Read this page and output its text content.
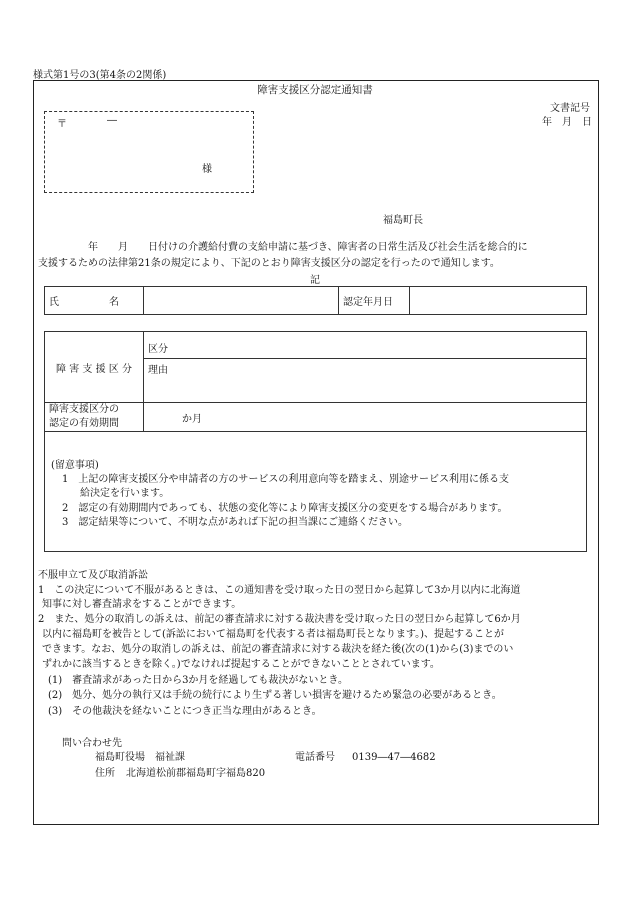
様式第1号の3(第4条の2関係)
障害支援区分認定通知書
文書記号
年　月　日
〒	―
様
福島町長
年　　月　　日付けの介護給付費の支給申請に基づき、障害者の日常生活及び社会生活を総合的に
支援するための法律第21条の規定により、下記のとおり障害支援区分の認定を行ったので通知します。
記
氏　　　　　名		認定年月日	
障 害 支 援 区 分	区分
	理由

障害支援区分の
認定の有効期間	か月
(留意事項)
1　上記の障害支援区分や申請者の方のサービスの利用意向等を踏まえ、別途サービス利用に係る支
給決定を行います。
2　認定の有効期間内であっても、状態の変化等により障害支援区分の変更をする場合があります。
3　認定結果等について、不明な点があれば下記の担当課にご連絡ください。
不服申立て及び取消訴訟
1　この決定について不服があるときは、この通知書を受け取った日の翌日から起算して3か月以内に北海道
知事に対し審査請求をすることができます。
2　また、処分の取消しの訴えは、前記の審査請求に対する裁決書を受け取った日の翌日から起算して6か月
以内に福島町を被告として(訴訟において福島町を代表する者は福島町長となります。)、提起することが
できます。なお、処分の取消しの訴えは、前記の審査請求に対する裁決を経た後(次の(1)から(3)までのい
ずれかに該当するときを除く。)でなければ提起することができないこととされています。
(1)　審査請求があった日から3か月を経過しても裁決がないとき。
(2)　処分、処分の執行又は手続の続行により生ずる著しい損害を避けるため緊急の必要があるとき。
(3)　その他裁決を経ないことにつき正当な理由があるとき。
問い合わせ先
福島町役場　福祉課	電話番号 0139―47―4682
住所 北海道松前郡福島町字福島820
